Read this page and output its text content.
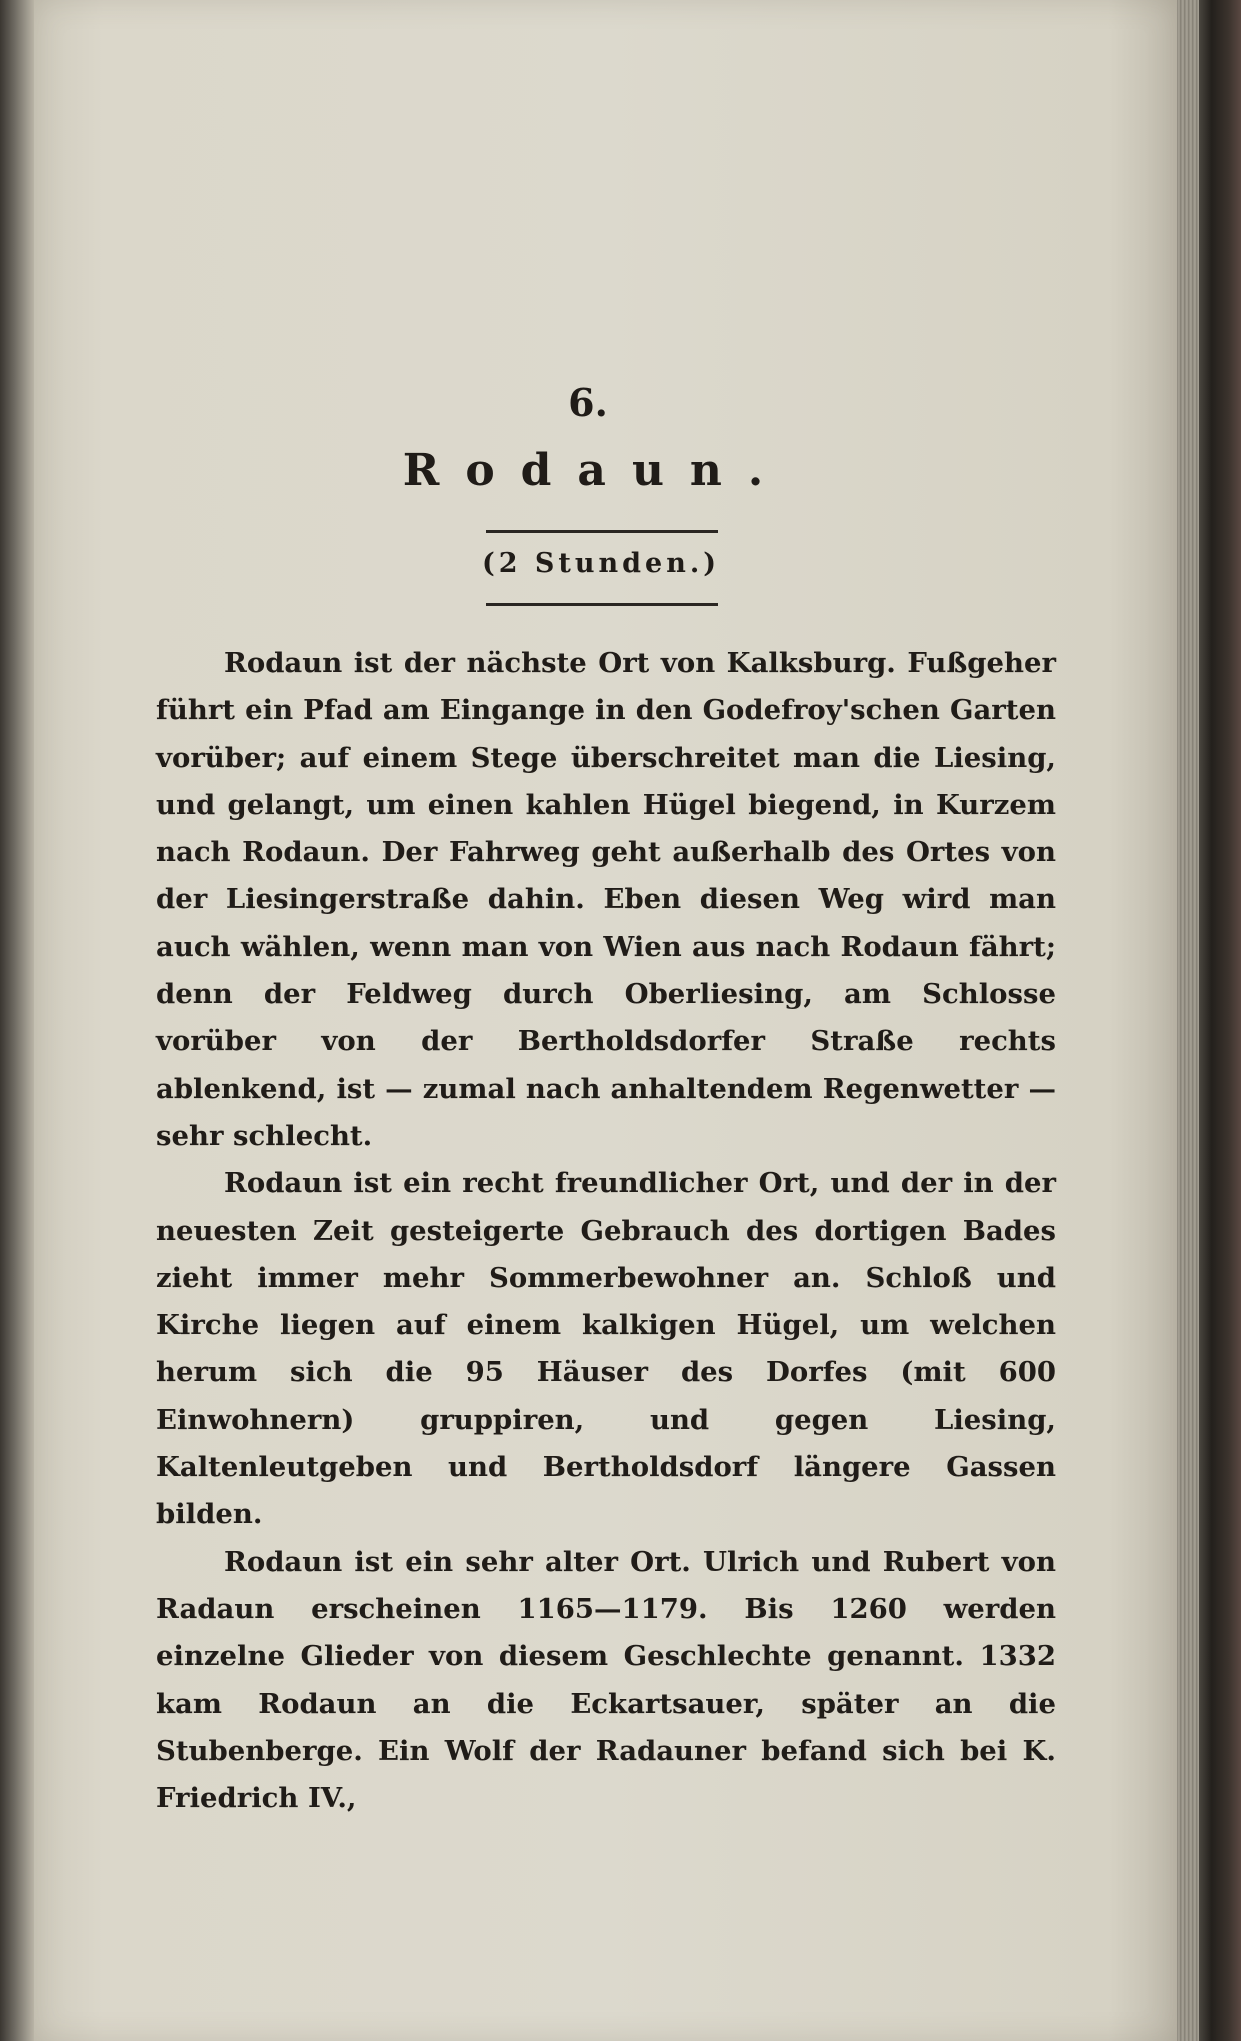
6.
Rodaun.

(2 Stunden.)

Rodaun ist der nächste Ort von Kalksburg. Fußgeher führt ein Pfad am Eingange in den Godefroy'schen Garten vorüber; auf einem Stege überschreitet man die Liesing, und gelangt, um einen kahlen Hügel biegend, in Kurzem nach Rodaun. Der Fahrweg geht außerhalb des Ortes von der Liesingerstraße dahin. Eben diesen Weg wird man auch wählen, wenn man von Wien aus nach Rodaun fährt; denn der Feldweg durch Oberliesing, am Schlosse vorüber von der Bertholdsdorfer Straße rechts ablenkend, ist — zumal nach anhaltendem Regenwetter — sehr schlecht.

Rodaun ist ein recht freundlicher Ort, und der in der neuesten Zeit gesteigerte Gebrauch des dortigen Bades zieht immer mehr Sommerbewohner an. Schloß und Kirche liegen auf einem kalkigen Hügel, um welchen herum sich die 95 Häuser des Dorfes (mit 600 Einwohnern) gruppiren, und gegen Liesing, Kaltenleutgeben und Bertholdsdorf längere Gassen bilden.

Rodaun ist ein sehr alter Ort. Ulrich und Rubert von Radaun erscheinen 1165—1179. Bis 1260 werden einzelne Glieder von diesem Geschlechte genannt. 1332 kam Rodaun an die Eckartsauer, später an die Stubenberge. Ein Wolf der Radauner befand sich bei K. Friedrich IV.,
